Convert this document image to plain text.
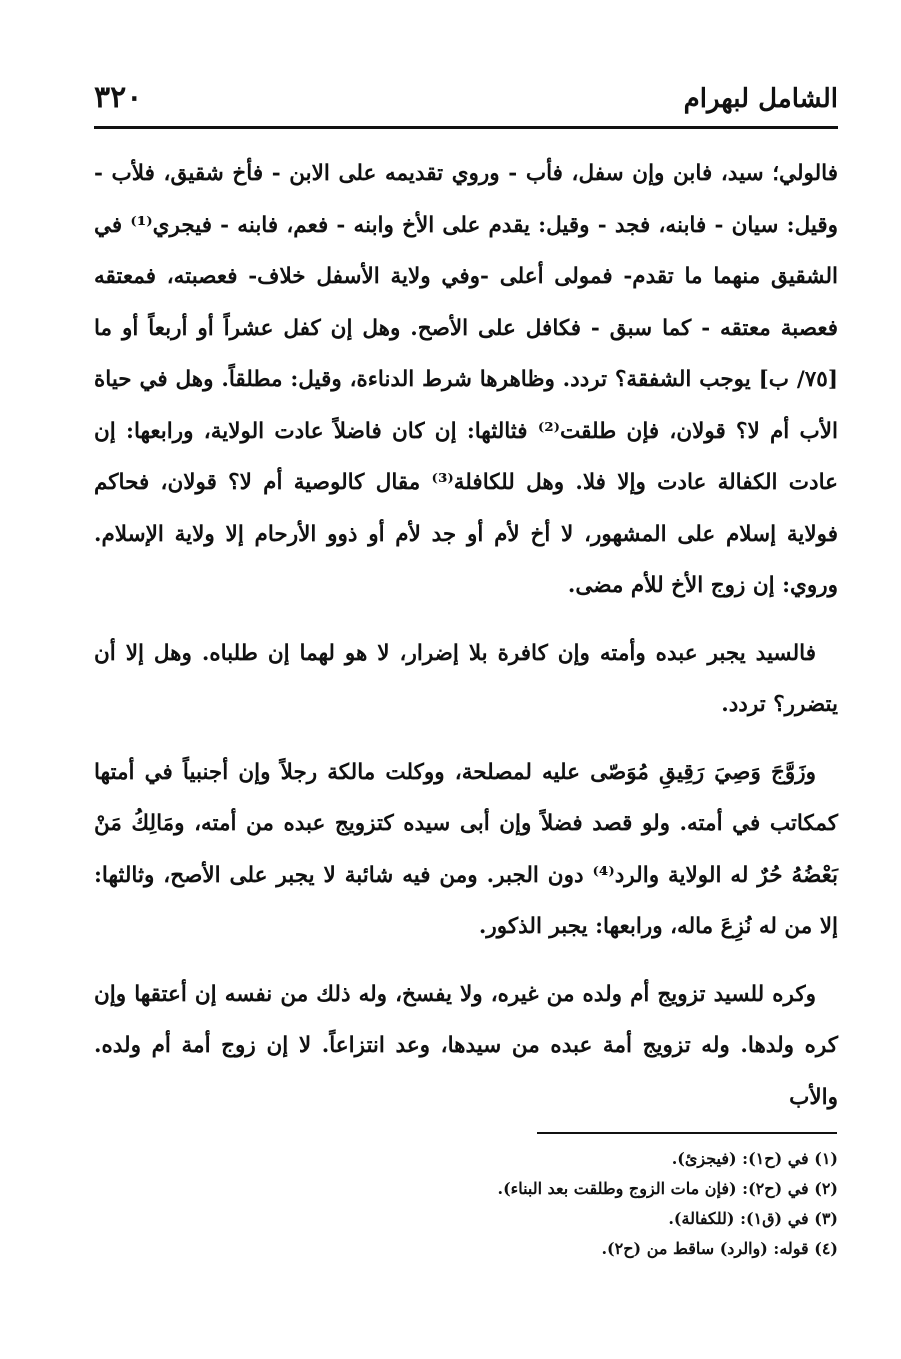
الشامل لبهرام
٣٢٠

فالولي؛ سيد، فابن وإن سفل، فأب - وروي تقديمه على الابن - فأخ شقيق، فلأب - وقيل: سيان - فابنه، فجد - وقيل: يقدم على الأخ وابنه - فعم، فابنه - فيجري⁽¹⁾ في الشقيق منهما ما تقدم- فمولى أعلى -وفي ولاية الأسفل خلاف- فعصبته، فمعتقه فعصبة معتقه - كما سبق - فكافل على الأصح. وهل إن كفل عشراً أو أربعاً أو ما [٧٥/ ب] يوجب الشفقة؟ تردد. وظاهرها شرط الدناءة، وقيل: مطلقاً. وهل في حياة الأب أم لا؟ قولان، فإن طلقت⁽²⁾ فثالثها: إن كان فاضلاً عادت الولاية، ورابعها: إن عادت الكفالة عادت وإلا فلا. وهل للكافلة⁽³⁾ مقال كالوصية أم لا؟ قولان، فحاكم فولاية إسلام على المشهور، لا أخ لأم أو جد لأم أو ذوو الأرحام إلا ولاية الإسلام. وروي: إن زوج الأخ للأم مضى.

فالسيد يجبر عبده وأمته وإن كافرة بلا إضرار، لا هو لهما إن طلباه. وهل إلا أن يتضرر؟ تردد.

وزَوَّجَ وَصِيَ رَقِيقِ مُوَصّى عليه لمصلحة، ووكلت مالكة رجلاً وإن أجنبياً في أمتها كمكاتب في أمته. ولو قصد فضلاً وإن أبى سيده كتزويج عبده من أمته، ومَالِكُ مَنْ بَعْضُهُ حُرٌ له الولاية والرد⁽⁴⁾ دون الجبر. ومن فيه شائبة لا يجبر على الأصح، وثالثها: إلا من له نُزِعَ ماله، ورابعها: يجبر الذكور.

وكره للسيد تزويج أم ولده من غيره، ولا يفسخ، وله ذلك من نفسه إن أعتقها وإن كره ولدها. وله تزويج أمة عبده من سيدها، وعد انتزاعاً. لا إن زوج أمة أم ولده. والأب

(١) في (ح١): (فيجزئ).
(٢) في (ح٢): (فإن مات الزوج وطلقت بعد البناء).
(٣) في (ق١): (للكفالة).
(٤) قوله: (والرد) ساقط من (ح٢).
